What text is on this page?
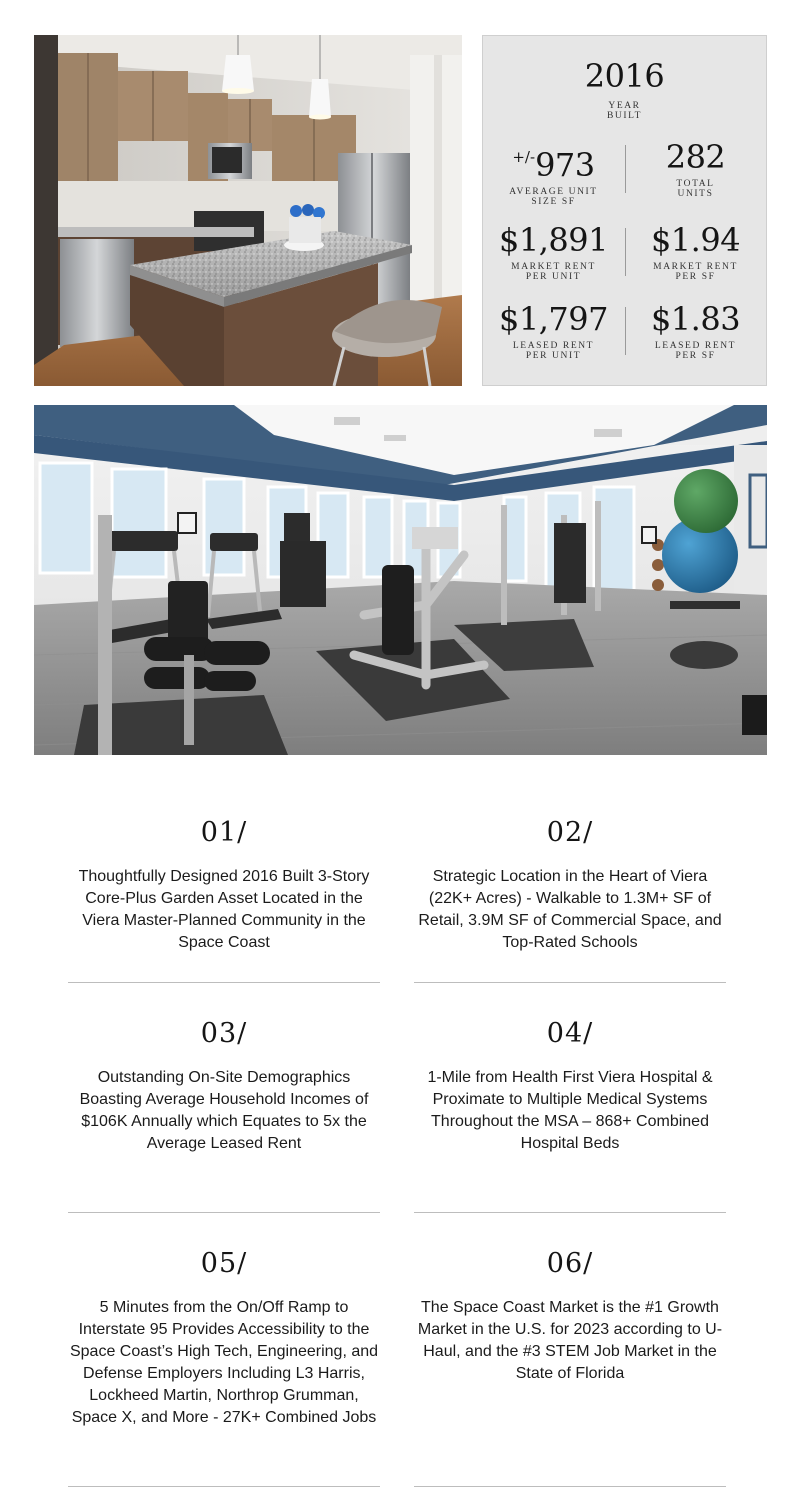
2016
YEAR
BUILT
+/-973
AVERAGE UNIT
SIZE SF
282
TOTAL
UNITS
$1,891
MARKET RENT
PER UNIT
$1.94
MARKET RENT
PER SF
$1,797
LEASED RENT
PER UNIT
$1.83
LEASED RENT
PER SF
01/
Thoughtfully Designed 2016 Built 3-Story Core-Plus Garden Asset Located in the Viera Master-Planned Community in the Space Coast
02/
Strategic Location in the Heart of Viera (22K+ Acres) - Walkable to 1.3M+ SF of Retail, 3.9M SF of Commercial Space, and Top-Rated Schools
03/
Outstanding On-Site Demographics Boasting Average Household Incomes of $106K Annually which Equates to 5x the Average Leased Rent
04/
1-Mile from Health First Viera Hospital & Proximate to Multiple Medical Systems Throughout the MSA – 868+ Combined Hospital Beds
05/
5 Minutes from the On/Off Ramp to Interstate 95 Provides Accessibility to the Space Coast’s High Tech, Engineering, and Defense Employers Including L3 Harris, Lockheed Martin, Northrop Grumman, Space X, and More - 27K+ Combined Jobs
06/
The Space Coast Market is the #1 Growth Market in the U.S. for 2023 according to U-Haul, and the #3 STEM Job Market in the State of Florida
